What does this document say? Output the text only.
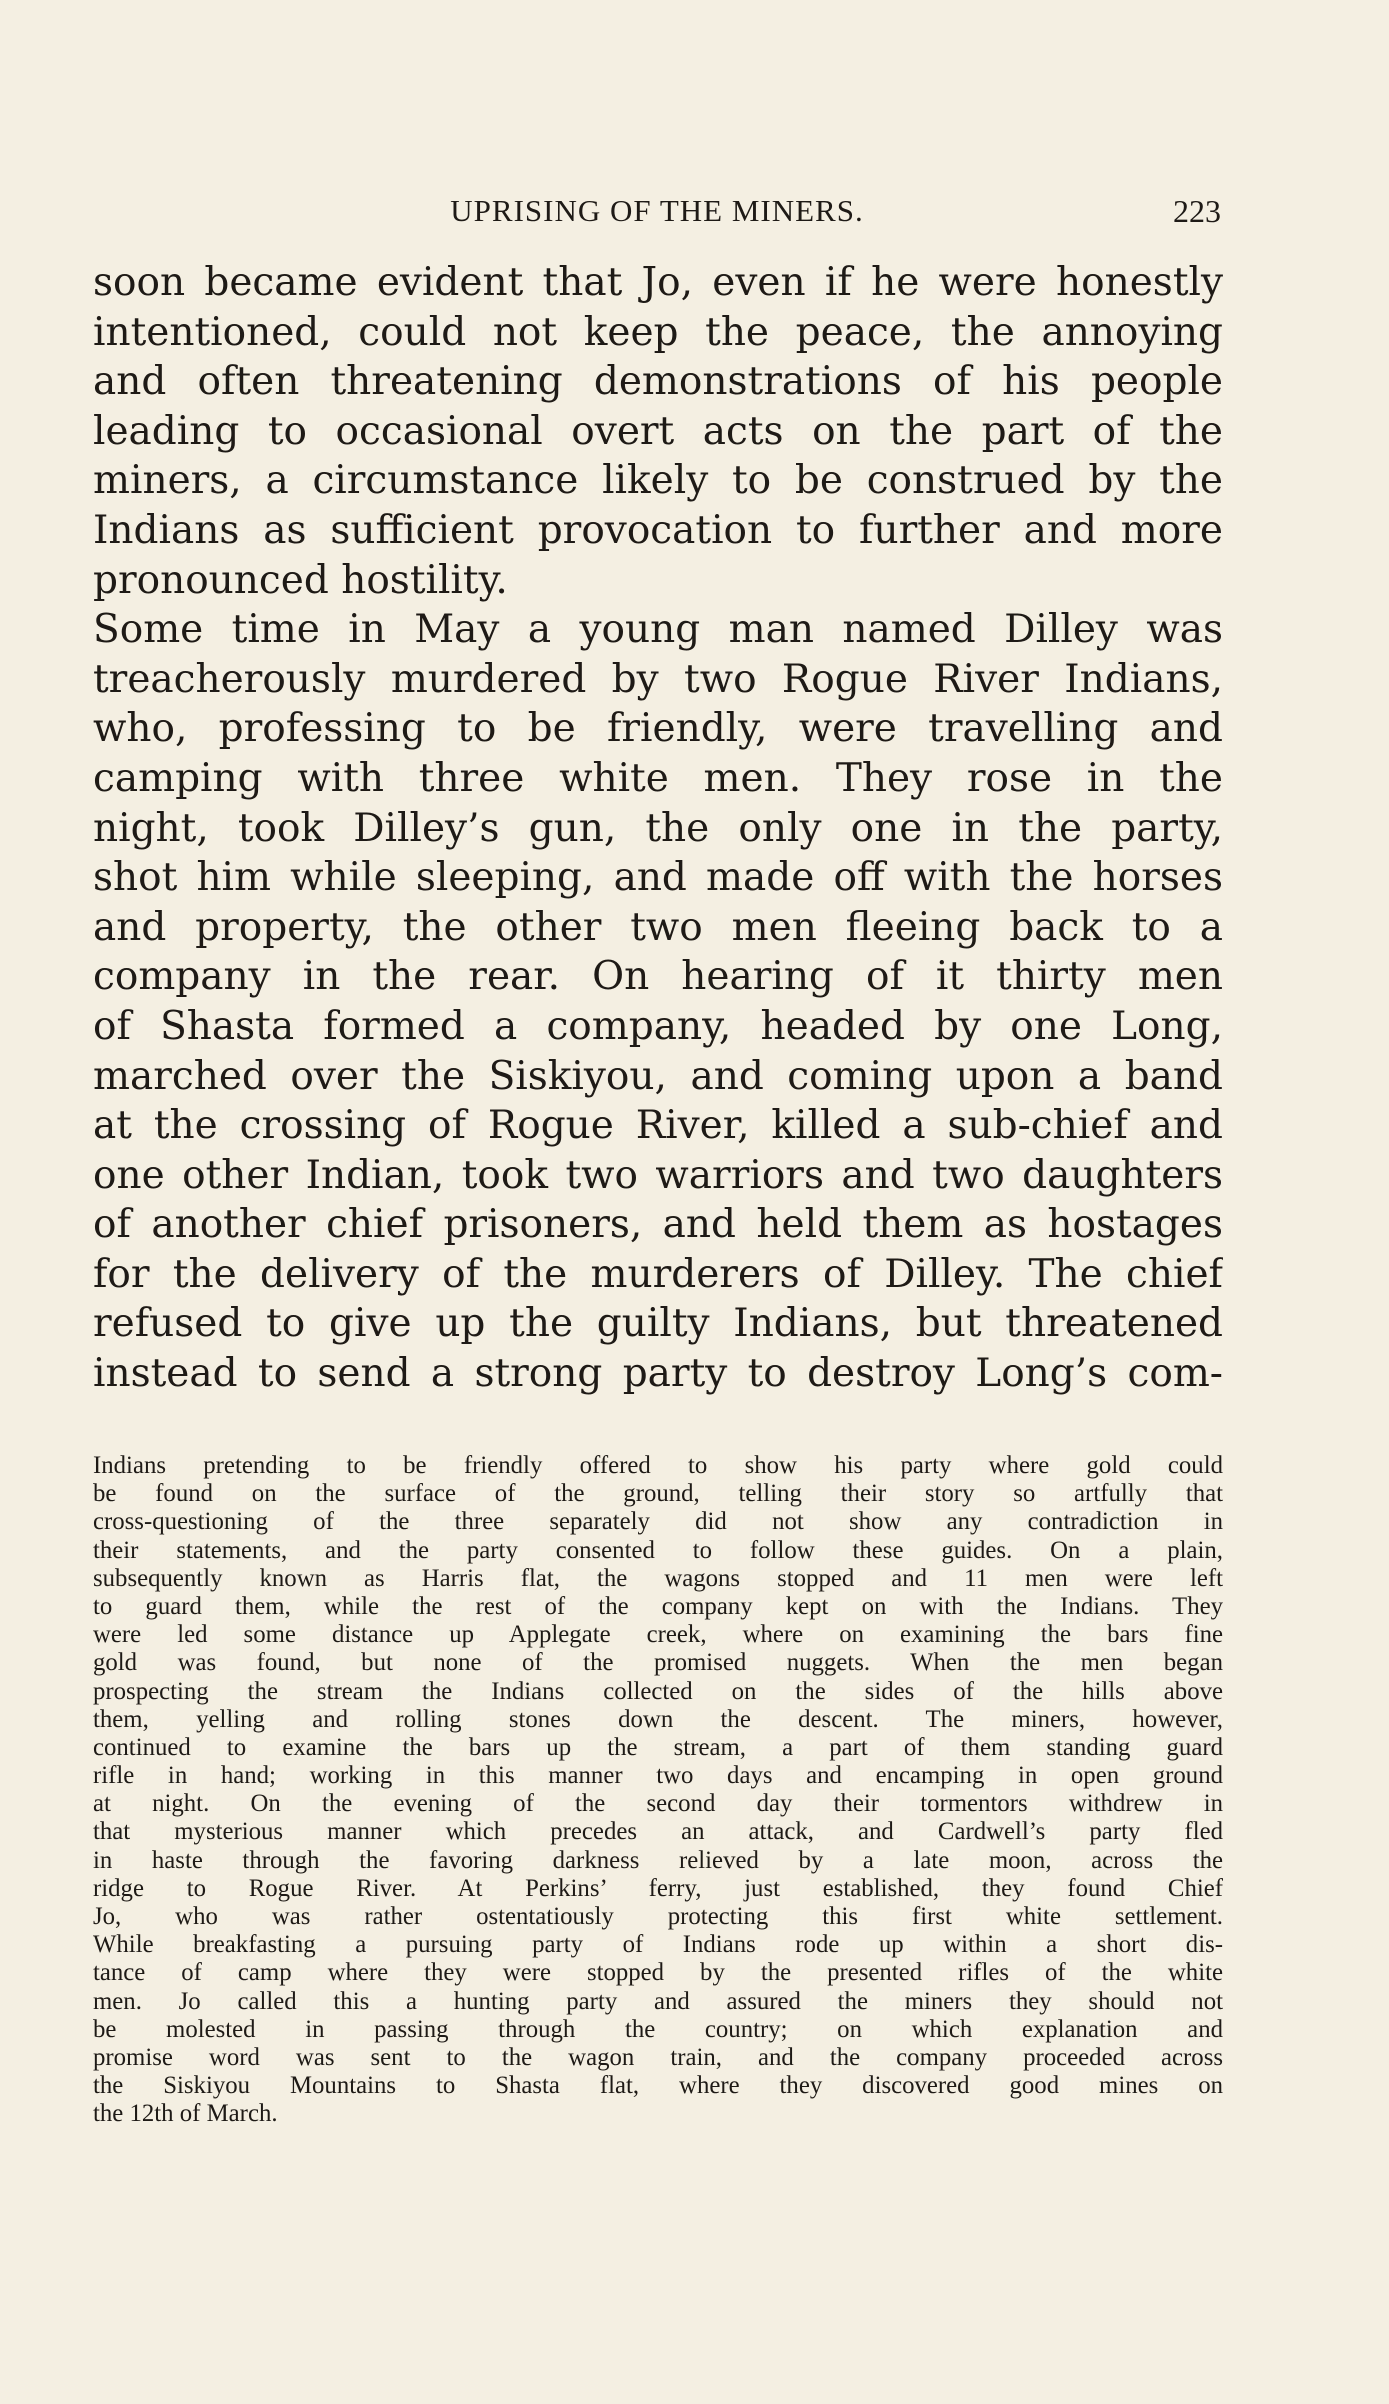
UPRISING OF THE MINERS.	223
soon became evident that Jo, even if he were honestly
intentioned, could not keep the peace, the annoying
and often threatening demonstrations of his people
leading to occasional overt acts on the part of the
miners, a circumstance likely to be construed by the
Indians as sufficient provocation to further and more
pronounced hostility.
Some time in May a young man named Dilley was
treacherously murdered by two Rogue River Indians,
who, professing to be friendly, were travelling and
camping with three white men. They rose in the
night, took Dilley’s gun, the only one in the party,
shot him while sleeping, and made off with the horses
and property, the other two men fleeing back to a
company in the rear. On hearing of it thirty men
of Shasta formed a company, headed by one Long,
marched over the Siskiyou, and coming upon a band
at the crossing of Rogue River, killed a sub-chief and
one other Indian, took two warriors and two daughters
of another chief prisoners, and held them as hostages
for the delivery of the murderers of Dilley. The chief
refused to give up the guilty Indians, but threatened
instead to send a strong party to destroy Long’s com-
Indians pretending to be friendly offered to show his party where gold could
be found on the surface of the ground, telling their story so artfully that
cross-questioning of the three separately did not show any contradiction in
their statements, and the party consented to follow these guides. On a plain,
subsequently known as Harris flat, the wagons stopped and 11 men were left
to guard them, while the rest of the company kept on with the Indians. They
were led some distance up Applegate creek, where on examining the bars fine
gold was found, but none of the promised nuggets. When the men began
prospecting the stream the Indians collected on the sides of the hills above
them, yelling and rolling stones down the descent. The miners, however,
continued to examine the bars up the stream, a part of them standing guard
rifle in hand; working in this manner two days and encamping in open ground
at night. On the evening of the second day their tormentors withdrew in
that mysterious manner which precedes an attack, and Cardwell’s party fled
in haste through the favoring darkness relieved by a late moon, across the
ridge to Rogue River. At Perkins’ ferry, just established, they found Chief
Jo, who was rather ostentatiously protecting this first white settlement.
While breakfasting a pursuing party of Indians rode up within a short dis-
tance of camp where they were stopped by the presented rifles of the white
men. Jo called this a hunting party and assured the miners they should not
be molested in passing through the country; on which explanation and
promise word was sent to the wagon train, and the company proceeded across
the Siskiyou Mountains to Shasta flat, where they discovered good mines on
the 12th of March.
